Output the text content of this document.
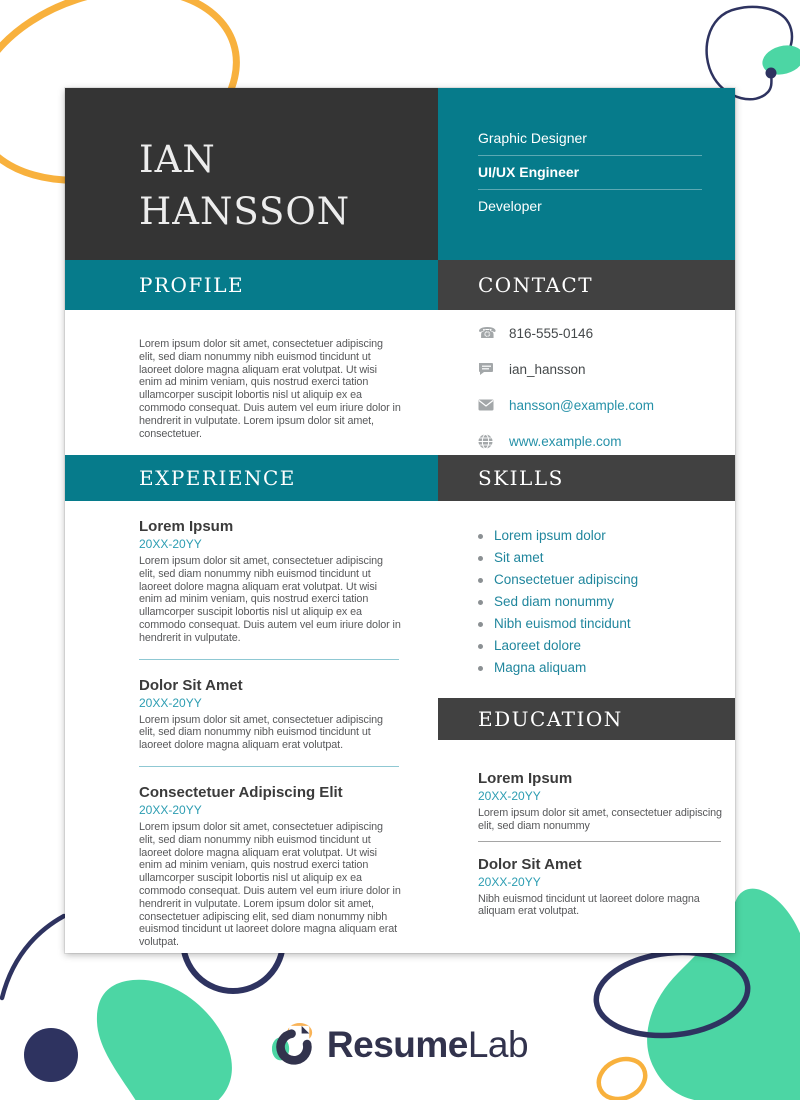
IAN
HANSSON
Graphic Designer
UI/UX Engineer
Developer
PROFILE	CONTACT
Lorem ipsum dolor sit amet, consectetuer adipiscing elit, sed diam nonummy nibh euismod tincidunt ut laoreet dolore magna aliquam erat volutpat. Ut wisi enim ad minim veniam, quis nostrud exerci tation ullamcorper suscipit lobortis nisl ut aliquip ex ea commodo consequat. Duis autem vel eum iriure dolor in hendrerit in vulputate. Lorem ipsum dolor sit amet, consectetuer.
☎ 816-555-0146
ian_hansson
hansson@example.com
www.example.com
EXPERIENCE	SKILLS
Lorem Ipsum
20XX-20YY
Lorem ipsum dolor sit amet, consectetuer adipiscing elit, sed diam nonummy nibh euismod tincidunt ut laoreet dolore magna aliquam erat volutpat. Ut wisi enim ad minim veniam, quis nostrud exerci tation ullamcorper suscipit lobortis nisl ut aliquip ex ea commodo consequat. Duis autem vel eum iriure dolor in hendrerit in vulputate.
Dolor Sit Amet
20XX-20YY
Lorem ipsum dolor sit amet, consectetuer adipiscing elit, sed diam nonummy nibh euismod tincidunt ut laoreet dolore magna aliquam erat volutpat.
Consectetuer Adipiscing Elit
20XX-20YY
Lorem ipsum dolor sit amet, consectetuer adipiscing elit, sed diam nonummy nibh euismod tincidunt ut laoreet dolore magna aliquam erat volutpat. Ut wisi enim ad minim veniam, quis nostrud exerci tation ullamcorper suscipit lobortis nisl ut aliquip ex ea commodo consequat. Duis autem vel eum iriure dolor in hendrerit in vulputate. Lorem ipsum dolor sit amet, consectetuer adipiscing elit, sed diam nonummy nibh euismod tincidunt ut laoreet dolore magna aliquam erat volutpat.
Lorem ipsum dolor
Sit amet
Consectetuer adipiscing
Sed diam nonummy
Nibh euismod tincidunt
Laoreet dolore
Magna aliquam
EDUCATION
Lorem Ipsum
20XX-20YY
Lorem ipsum dolor sit amet, consectetuer adipiscing elit, sed diam nonummy
Dolor Sit Amet
20XX-20YY
Nibh euismod tincidunt ut laoreet dolore magna aliquam erat volutpat.
ResumeLab
